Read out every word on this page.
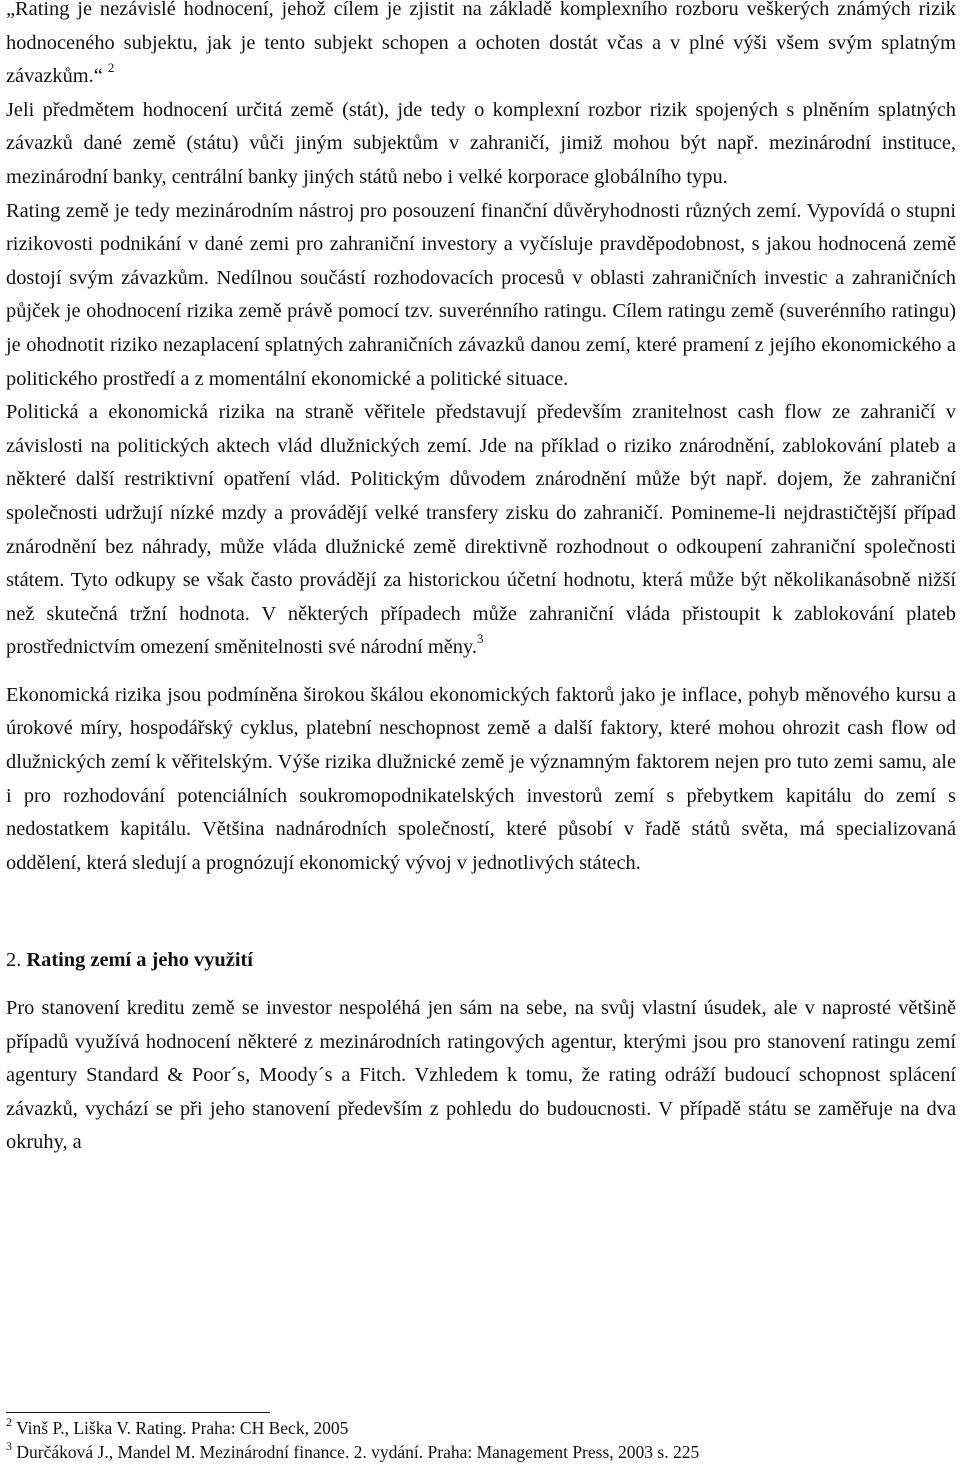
„Rating je nezávislé hodnocení, jehož cílem je zjistit na základě komplexního rozboru veškerých známých rizik hodnoceného subjektu, jak je tento subjekt schopen a ochoten dostát včas a v plné výši všem svým splatným závazkům.“ $^2$

Jeli předmětem hodnocení určitá země (stát), jde tedy o komplexní rozbor rizik spojených s plněním splatných závazků dané země (státu) vůči jiným subjektům v zahraničí, jimiž mohou být např. mezinárodní instituce, mezinárodní banky, centrální banky jiných států nebo i velké korporace globálního typu.

Rating země je tedy mezinárodním nástroj pro posouzení finanční důvěryhodnosti různých zemí. Vypovídá o stupni rizikovosti podnikání v dané zemi pro zahraniční investory a vyčísluje pravděpodobnost, s jakou hodnocená země dostojí svým závazkům. Nedílnou součástí rozhodovacích procesů v oblasti zahraničních investic a zahraničních půjček je ohodnocení rizika země právě pomocí tzv. suverénního ratingu. Cílem ratingu země (suverénního ratingu) je ohodnotit riziko nezaplacení splatných zahraničních závazků danou zemí, které pramení z jejího ekonomického a politického prostředí a z momentální ekonomické a politické situace.

Politická a ekonomická rizika na straně věřitele představují především zranitelnost cash flow ze zahraničí v závislosti na politických aktech vlád dlužnických zemí. Jde na příklad o riziko znárodnění, zablokování plateb a některé další restriktivní opatření vlád. Politickým důvodem znárodnění může být např. dojem, že zahraniční společnosti udržují nízké mzdy a provádějí velké transfery zisku do zahraničí. Pomineme-li nejdrastičtější případ znárodnění bez náhrady, může vláda dlužnické země direktivně rozhodnout o odkoupení zahraniční společnosti státem. Tyto odkupy se však často provádějí za historickou účetní hodnotu, která může být několikanásobně nižší než skutečná tržní hodnota. V některých případech může zahraniční vláda přistoupit k zablokování plateb prostřednictvím omezení směnitelnosti své národní měny.$^3$

Ekonomická rizika jsou podmíněna širokou škálou ekonomických faktorů jako je inflace, pohyb měnového kursu a úrokové míry, hospodářský cyklus, platební neschopnost země a další faktory, které mohou ohrozit cash flow od dlužnických zemí k věřitelským. Výše rizika dlužnické země je významným faktorem nejen pro tuto zemi samu, ale i pro rozhodování potenciálních soukromopodnikatelských investorů zemí s přebytkem kapitálu do zemí s nedostatkem kapitálu. Většina nadnárodních společností, které působí v řadě států světa, má specializovaná oddělení, která sledují a prognózují ekonomický vývoj v jednotlivých státech.

2. Rating zemí a jeho využití

Pro stanovení kreditu země se investor nespoléhá jen sám na sebe, na svůj vlastní úsudek, ale v naprosté většině případů využívá hodnocení některé z mezinárodních ratingových agentur, kterými jsou pro stanovení ratingu zemí agentury Standard & Poor´s, Moody´s a Fitch. Vzhledem k tomu, že rating odráží budoucí schopnost splácení závazků, vychází se při jeho stanovení především z pohledu do budoucnosti. V případě státu se zaměřuje na dva okruhy, a

$^2$ Vinš P., Liška V. Rating. Praha: CH Beck, 2005
$^3$ Durčáková J., Mandel M. Mezinárodní finance. 2. vydání. Praha: Management Press, 2003 s. 225
